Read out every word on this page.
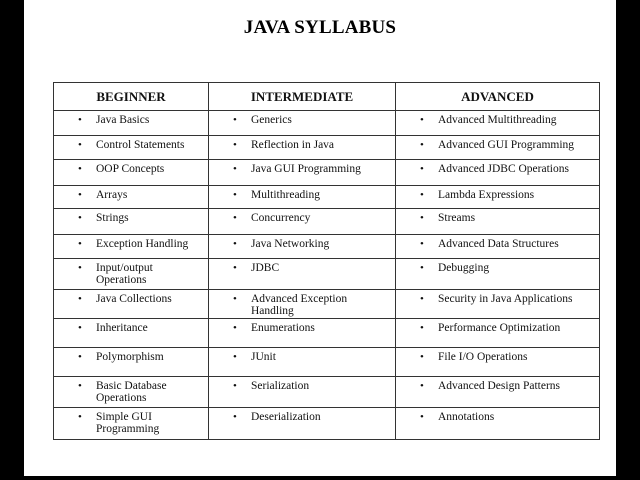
JAVA SYLLABUS
BEGINNER	INTERMEDIATE	ADVANCED

• Java Basics	• Generics	• Advanced Multithreading

• Control Statements	• Reflection in Java	• Advanced GUI Programming

• OOP Concepts	• Java GUI Programming	• Advanced JDBC Operations

• Arrays	• Multithreading	• Lambda Expressions

• Strings	• Concurrency	• Streams

• Exception Handling	• Java Networking	• Advanced Data Structures

• Input/output Operations	• JDBC	• Debugging

• Java Collections	• Advanced Exception Handling	• Security in Java Applications

• Inheritance	• Enumerations	• Performance Optimization

• Polymorphism	• JUnit	• File I/O Operations

• Basic Database Operations	• Serialization	• Advanced Design Patterns

• Simple GUI Programming	• Deserialization	• Annotations
